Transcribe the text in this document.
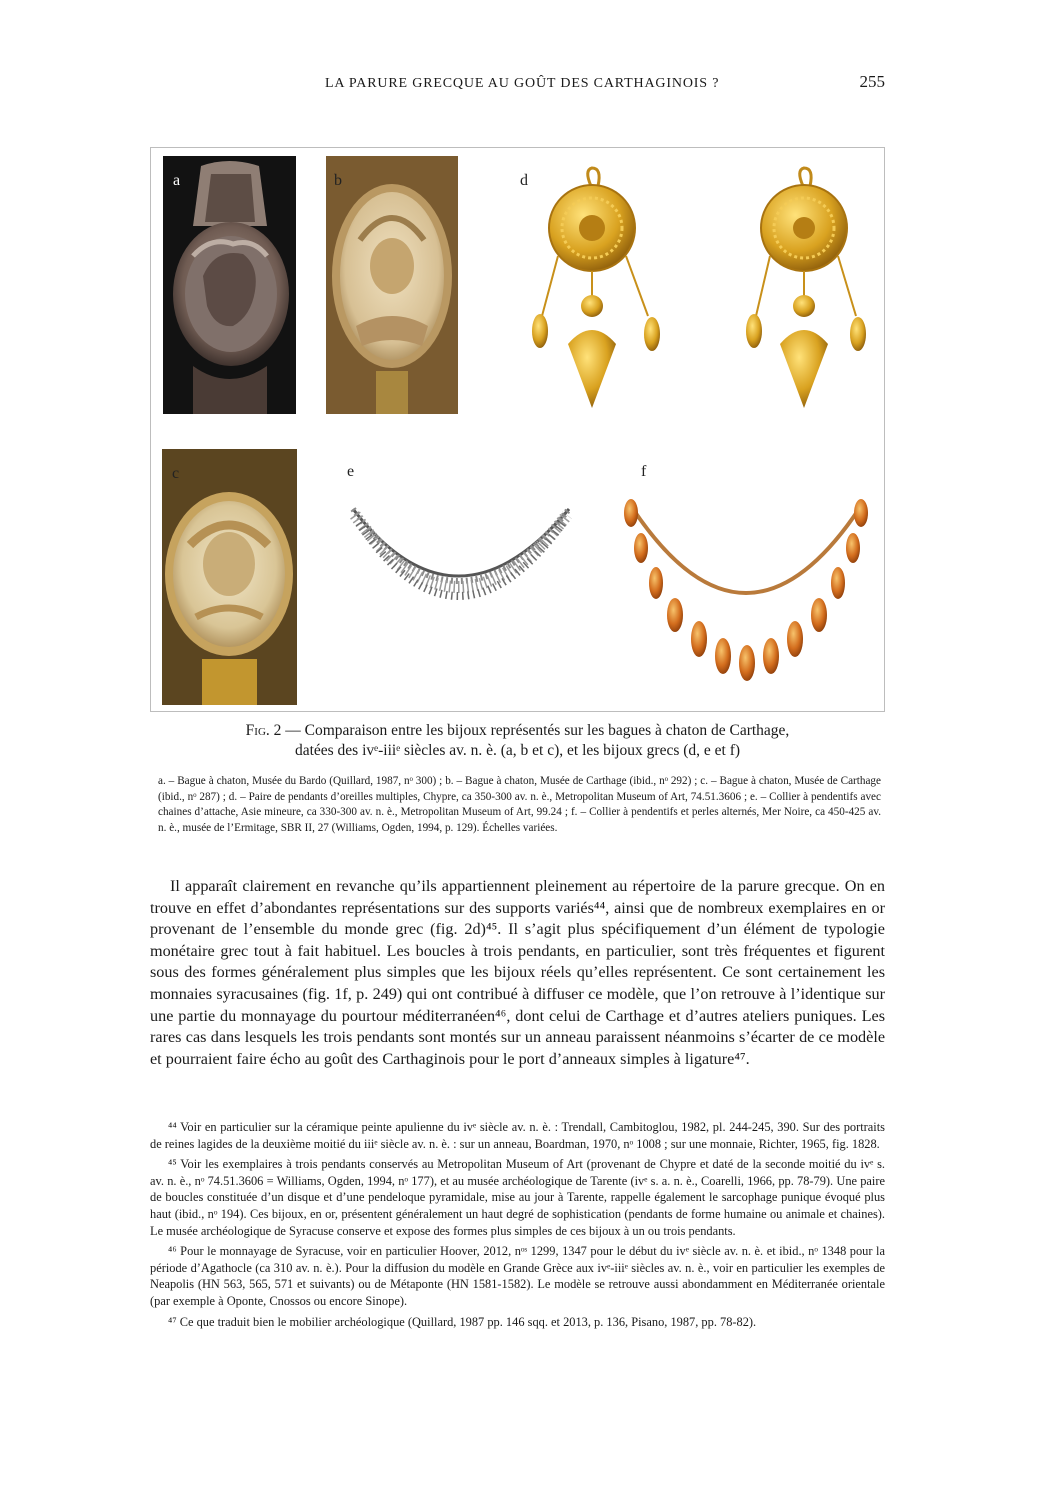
LA PARURE GRECQUE AU GOÛT DES CARTHAGINOIS ?	255
a	b	d
c	e	f
Fig. 2 — Comparaison entre les bijoux représentés sur les bagues à chaton de Carthage,
datées des ivᵉ-iiiᵉ siècles av. n. è. (a, b et c), et les bijoux grecs (d, e et f)
a. – Bague à chaton, Musée du Bardo (Quillard, 1987, nᵒ 300) ; b. – Bague à chaton, Musée de Carthage (ibid., nᵒ 292) ; c. – Bague à chaton, Musée de Carthage (ibid., nᵒ 287) ; d. – Paire de pendants d’oreilles multiples, Chypre, ca 350-300 av. n. è., Metropolitan Museum of Art, 74.51.3606 ; e. – Collier à pendentifs avec chaines d’attache, Asie mineure, ca 330-300 av. n. è., Metropolitan Museum of Art, 99.24 ; f. – Collier à pendentifs et perles alternés, Mer Noire, ca 450-425 av. n. è., musée de l’Ermitage, SBR II, 27 (Williams, Ogden, 1994, p. 129). Échelles variées.

Il apparaît clairement en revanche qu’ils appartiennent pleinement au répertoire de la parure grecque. On en trouve en effet d’abondantes représentations sur des supports variés⁴⁴, ainsi que de nombreux exemplaires en or provenant de l’ensemble du monde grec (fig. 2d)⁴⁵. Il s’agit plus spécifiquement d’un élément de typologie monétaire grec tout à fait habituel. Les boucles à trois pendants, en particulier, sont très fréquentes et figurent sous des formes généralement plus simples que les bijoux réels qu’elles représentent. Ce sont certainement les monnaies syracusaines (fig. 1f, p. 249) qui ont contribué à diffuser ce modèle, que l’on retrouve à l’identique sur une partie du monnayage du pourtour méditerranéen⁴⁶, dont celui de Carthage et d’autres ateliers puniques. Les rares cas dans lesquels les trois pendants sont montés sur un anneau paraissent néanmoins s’écarter de ce modèle et pourraient faire écho au goût des Carthaginois pour le port d’anneaux simples à ligature⁴⁷.

⁴⁴ Voir en particulier sur la céramique peinte apulienne du ivᵉ siècle av. n. è. : Trendall, Cambitoglou, 1982, pl. 244-245, 390. Sur des portraits de reines lagides de la deuxième moitié du iiiᵉ siècle av. n. è. : sur un anneau, Boardman, 1970, nᵒ 1008 ; sur une monnaie, Richter, 1965, fig. 1828.

⁴⁵ Voir les exemplaires à trois pendants conservés au Metropolitan Museum of Art (provenant de Chypre et daté de la seconde moitié du ivᵉ s. av. n. è., nᵒ 74.51.3606 = Williams, Ogden, 1994, nᵒ 177), et au musée archéologique de Tarente (ivᵉ s. a. n. è., Coarelli, 1966, pp. 78-79). Une paire de boucles constituée d’un disque et d’une pendeloque pyramidale, mise au jour à Tarente, rappelle également le sarcophage punique évoqué plus haut (ibid., nᵒ 194). Ces bijoux, en or, présentent généralement un haut degré de sophistication (pendants de forme humaine ou animale et chaines). Le musée archéologique de Syracuse conserve et expose des formes plus simples de ces bijoux à un ou trois pendants.

⁴⁶ Pour le monnayage de Syracuse, voir en particulier Hoover, 2012, nᵒˢ 1299, 1347 pour le début du ivᵉ siècle av. n. è. et ibid., nᵒ 1348 pour la période d’Agathocle (ca 310 av. n. è.). Pour la diffusion du modèle en Grande Grèce aux ivᵉ-iiiᵉ siècles av. n. è., voir en particulier les exemples de Neapolis (HN 563, 565, 571 et suivants) ou de Métaponte (HN 1581-1582). Le modèle se retrouve aussi abondamment en Méditerranée orientale (par exemple à Oponte, Cnossos ou encore Sinope).

⁴⁷ Ce que traduit bien le mobilier archéologique (Quillard, 1987 pp. 146 sqq. et 2013, p. 136, Pisano, 1987, pp. 78-82).
